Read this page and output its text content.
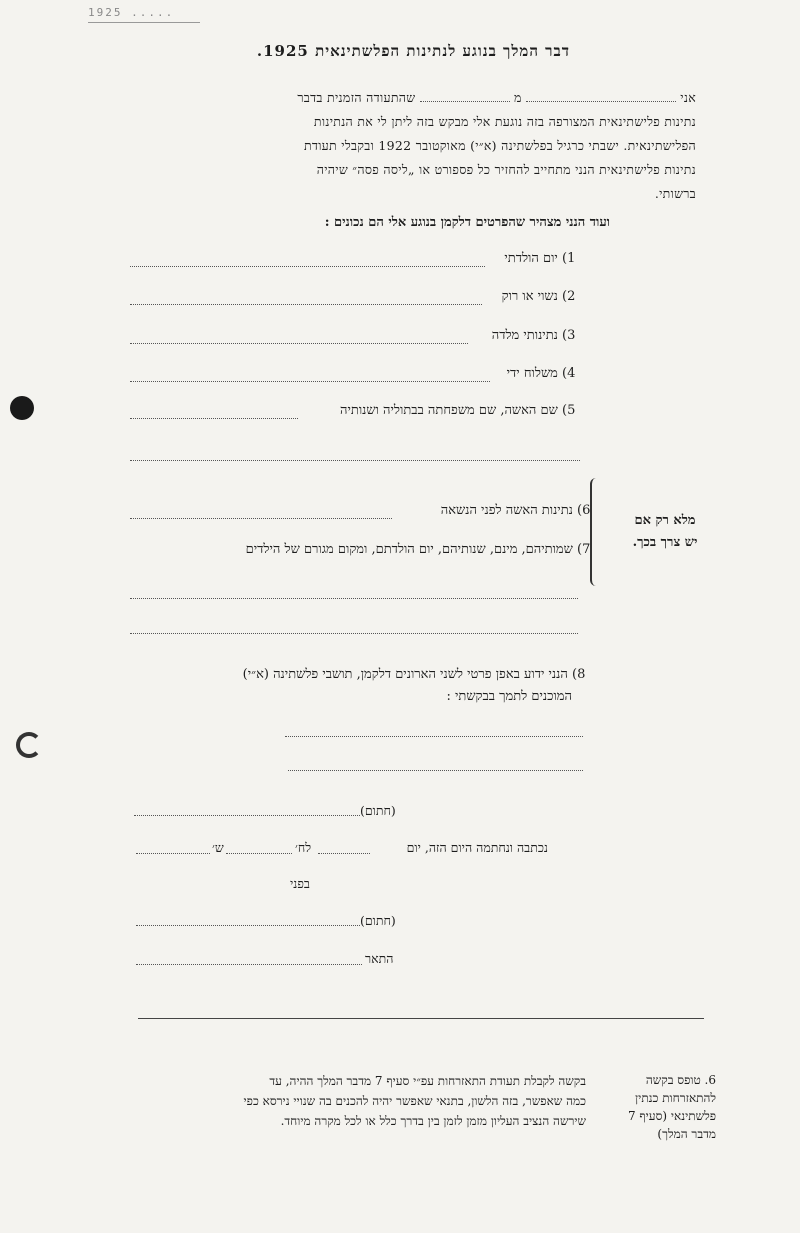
1925 .....
דבר המלך בנוגע לנתינות הפלשתינאית 1925.
אני  מ  שהתעודה הזמנית בדבר
נתינות פלישתינאית המצורפה בזה נוגעת אלי מבקש בזה ליתן לי את הנתינות
הפלישתינאית. ישבתי כרגיל בפלשתינה (א״י) מאוקטובר 1922 ובקבלי תעודת
נתינות פלישתינאית הנני מתחייב להחזיר כל פספורט או „ליסה פסה״ שיהיה
ברשותי.
ועוד הנני מצהיר שהפרטים דלקמן בנוגע אלי הם נכונים :
1) יום הולדתי
2) נשוי או רוק
3) נתינותי מלדה
4) משלוח ידי
5) שם האשה, שם משפחתה בבתוליה ושנותיה
מלא רק אם
יש צרך בכך.
6) נתינות האשה לפני הנשאה
7) שמותיהם, מינם, שנותיהם, יום הולדתם, ומקום מגורם של הילדים
8) הנני ידוע באפן פרטי לשני הארונים דלקמן, תושבי פלשתינה (א״י)
המוכנים לתמך בבקשתי :
(חתום)
נכתבה ונחתמה היום הזה, יום
לח׳
ש׳
בפני
(חתום)
התאר
6. טופס בקשה
להתאזרחות כנתין
פלשתינאי (סעיף 7
מדבר המלך)
בקשה לקבלת תעודת התאזרחות עפ״י סעיף 7 מדבר המלך ההיה, עד
כמה שאפשר, בזה הלשון, בתנאי שאפשר יהיה להכנים בה שנויי נירסא כפי
שירשה הנציב העליון מזמן לזמן בין בדרך כלל או לכל מקרה מיוחד.
